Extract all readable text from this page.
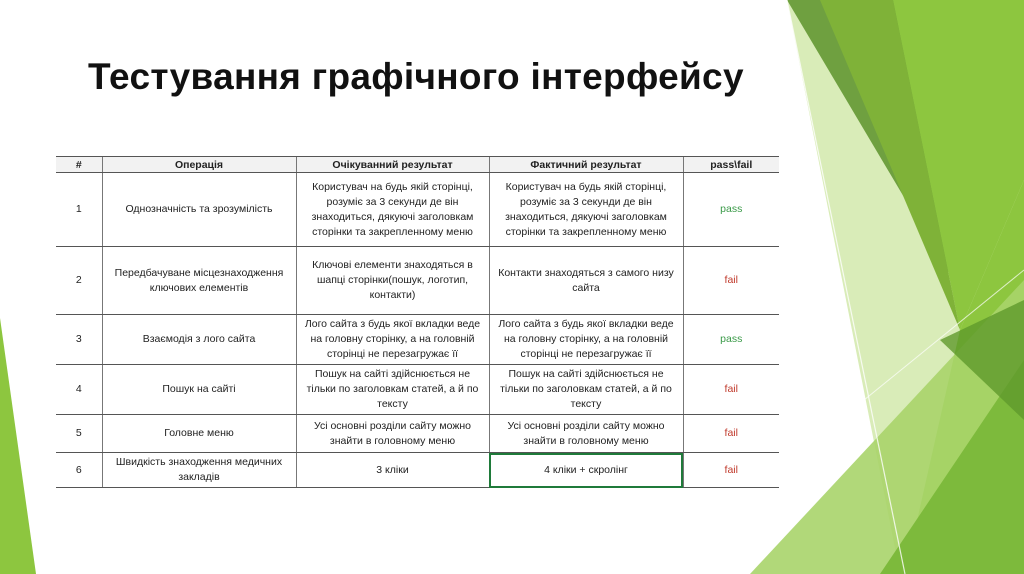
Тестування графічного інтерфейсу
#	Операція	Очікуванний результат	Фактичний результат	pass\fail
1	Однозначність та зрозумілість	Користувач на будь якій сторінці, розуміє за 3 секунди де він знаходиться, дякуючі заголовкам сторінки та закрепленному меню	Користувач на будь якій сторінці, розуміє за 3 секунди де він знаходиться, дякуючі заголовкам сторінки та закрепленному меню	pass
2	Передбачуване місцезнаходження ключових елементів	Ключові елементи знаходяться в шапці сторінки(пошук, логотип, контакти)	Контакти знаходяться з самого низу сайта	fail
3	Взаємодія з лого сайта	Лого сайта з будь якої вкладки веде на головну сторінку, а на головній сторінці не перезагружає її	Лого сайта з будь якої вкладки веде на головну сторінку, а на головній сторінці не перезагружає її	pass
4	Пошук на сайті	Пошук на сайті здійснюється не тільки по заголовкам статей, а й по тексту	Пошук на сайті здійснюється не тільки по заголовкам статей, а й по тексту	fail
5	Головне меню	Усі основні розділи сайту можно знайти в головному меню	Усі основні розділи сайту можно знайти в головному меню	fail
6	Швидкість знаходження медичних закладів	3 кліки	4 кліки + скролінг	fail
